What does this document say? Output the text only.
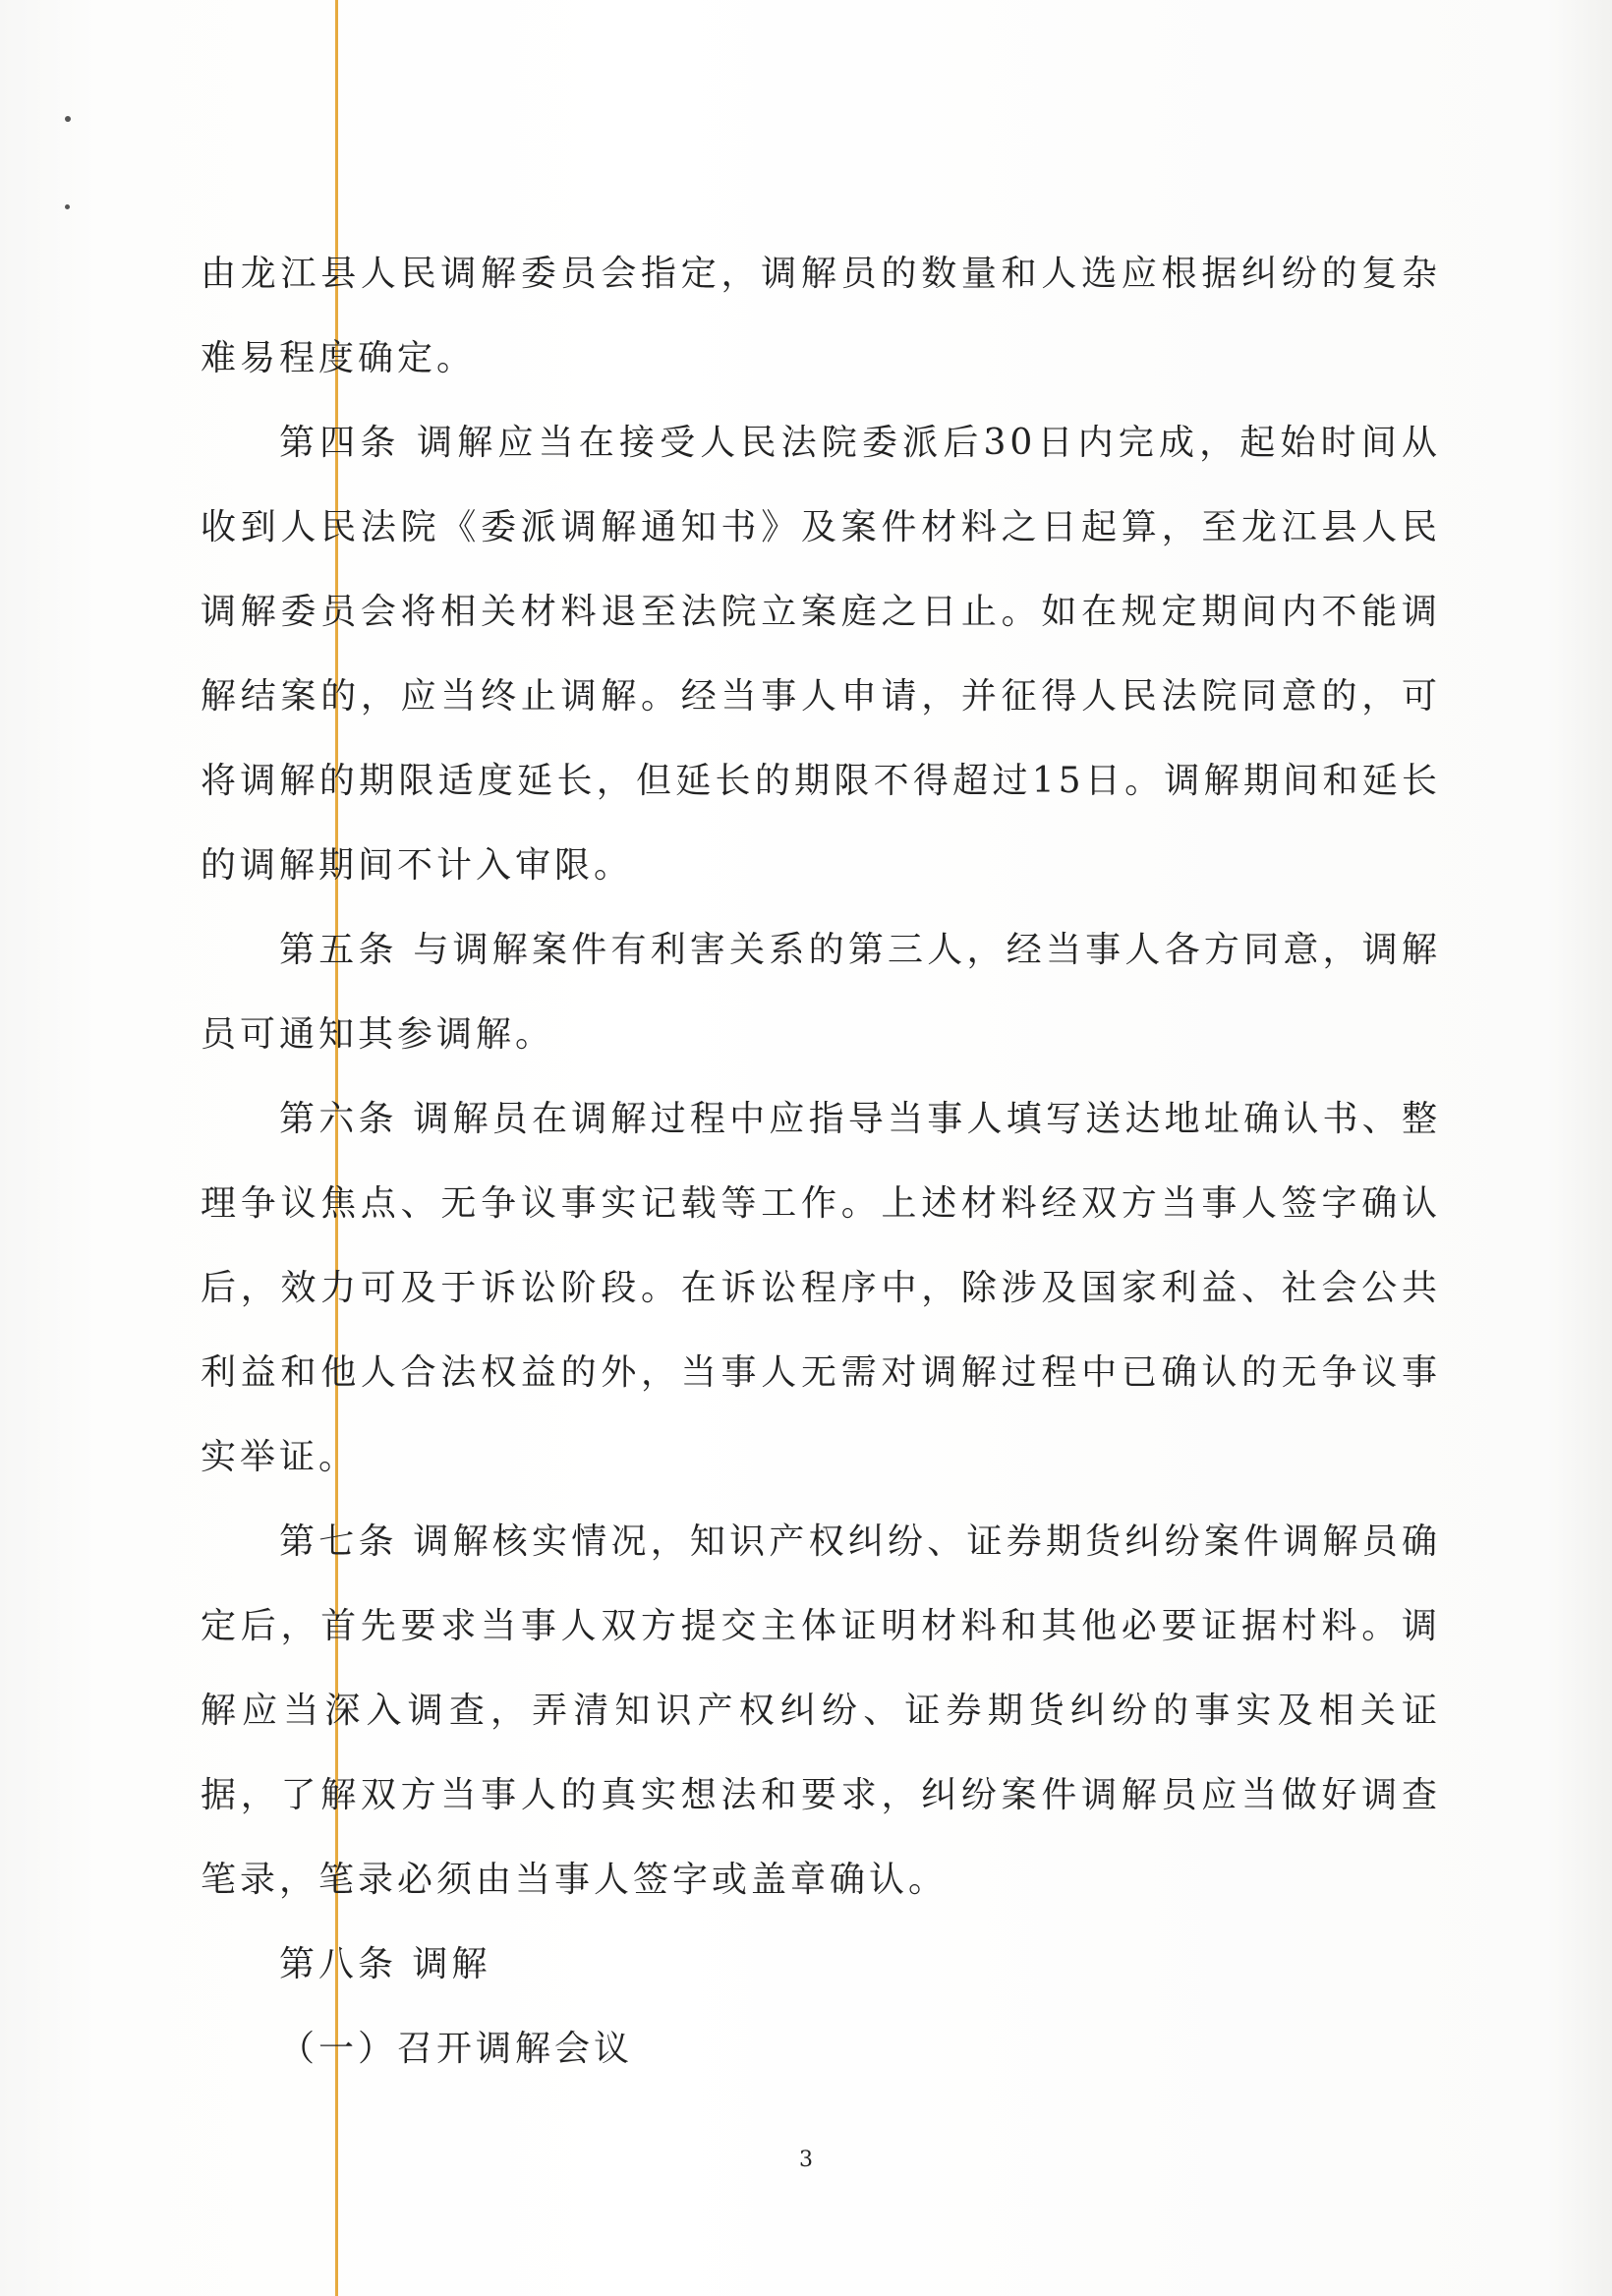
由龙江县人民调解委员会指定，调解员的数量和人选应根据纠纷的复杂难易程度确定。

第四条 调解应当在接受人民法院委派后30日内完成，起始时间从收到人民法院《委派调解通知书》及案件材料之日起算，至龙江县人民调解委员会将相关材料退至法院立案庭之日止。如在规定期间内不能调解结案的，应当终止调解。经当事人申请，并征得人民法院同意的，可将调解的期限适度延长，但延长的期限不得超过15日。调解期间和延长的调解期间不计入审限。

第五条 与调解案件有利害关系的第三人，经当事人各方同意，调解员可通知其参调解。

第六条 调解员在调解过程中应指导当事人填写送达地址确认书、整理争议焦点、无争议事实记载等工作。上述材料经双方当事人签字确认后，效力可及于诉讼阶段。在诉讼程序中，除涉及国家利益、社会公共利益和他人合法权益的外，当事人无需对调解过程中已确认的无争议事实举证。

第七条 调解核实情况，知识产权纠纷、证券期货纠纷案件调解员确定后，首先要求当事人双方提交主体证明材料和其他必要证据村料。调解应当深入调查，弄清知识产权纠纷、证券期货纠纷的事实及相关证据，了解双方当事人的真实想法和要求，纠纷案件调解员应当做好调查笔录，笔录必须由当事人签字或盖章确认。

第八条 调解

（一）召开调解会议

3
